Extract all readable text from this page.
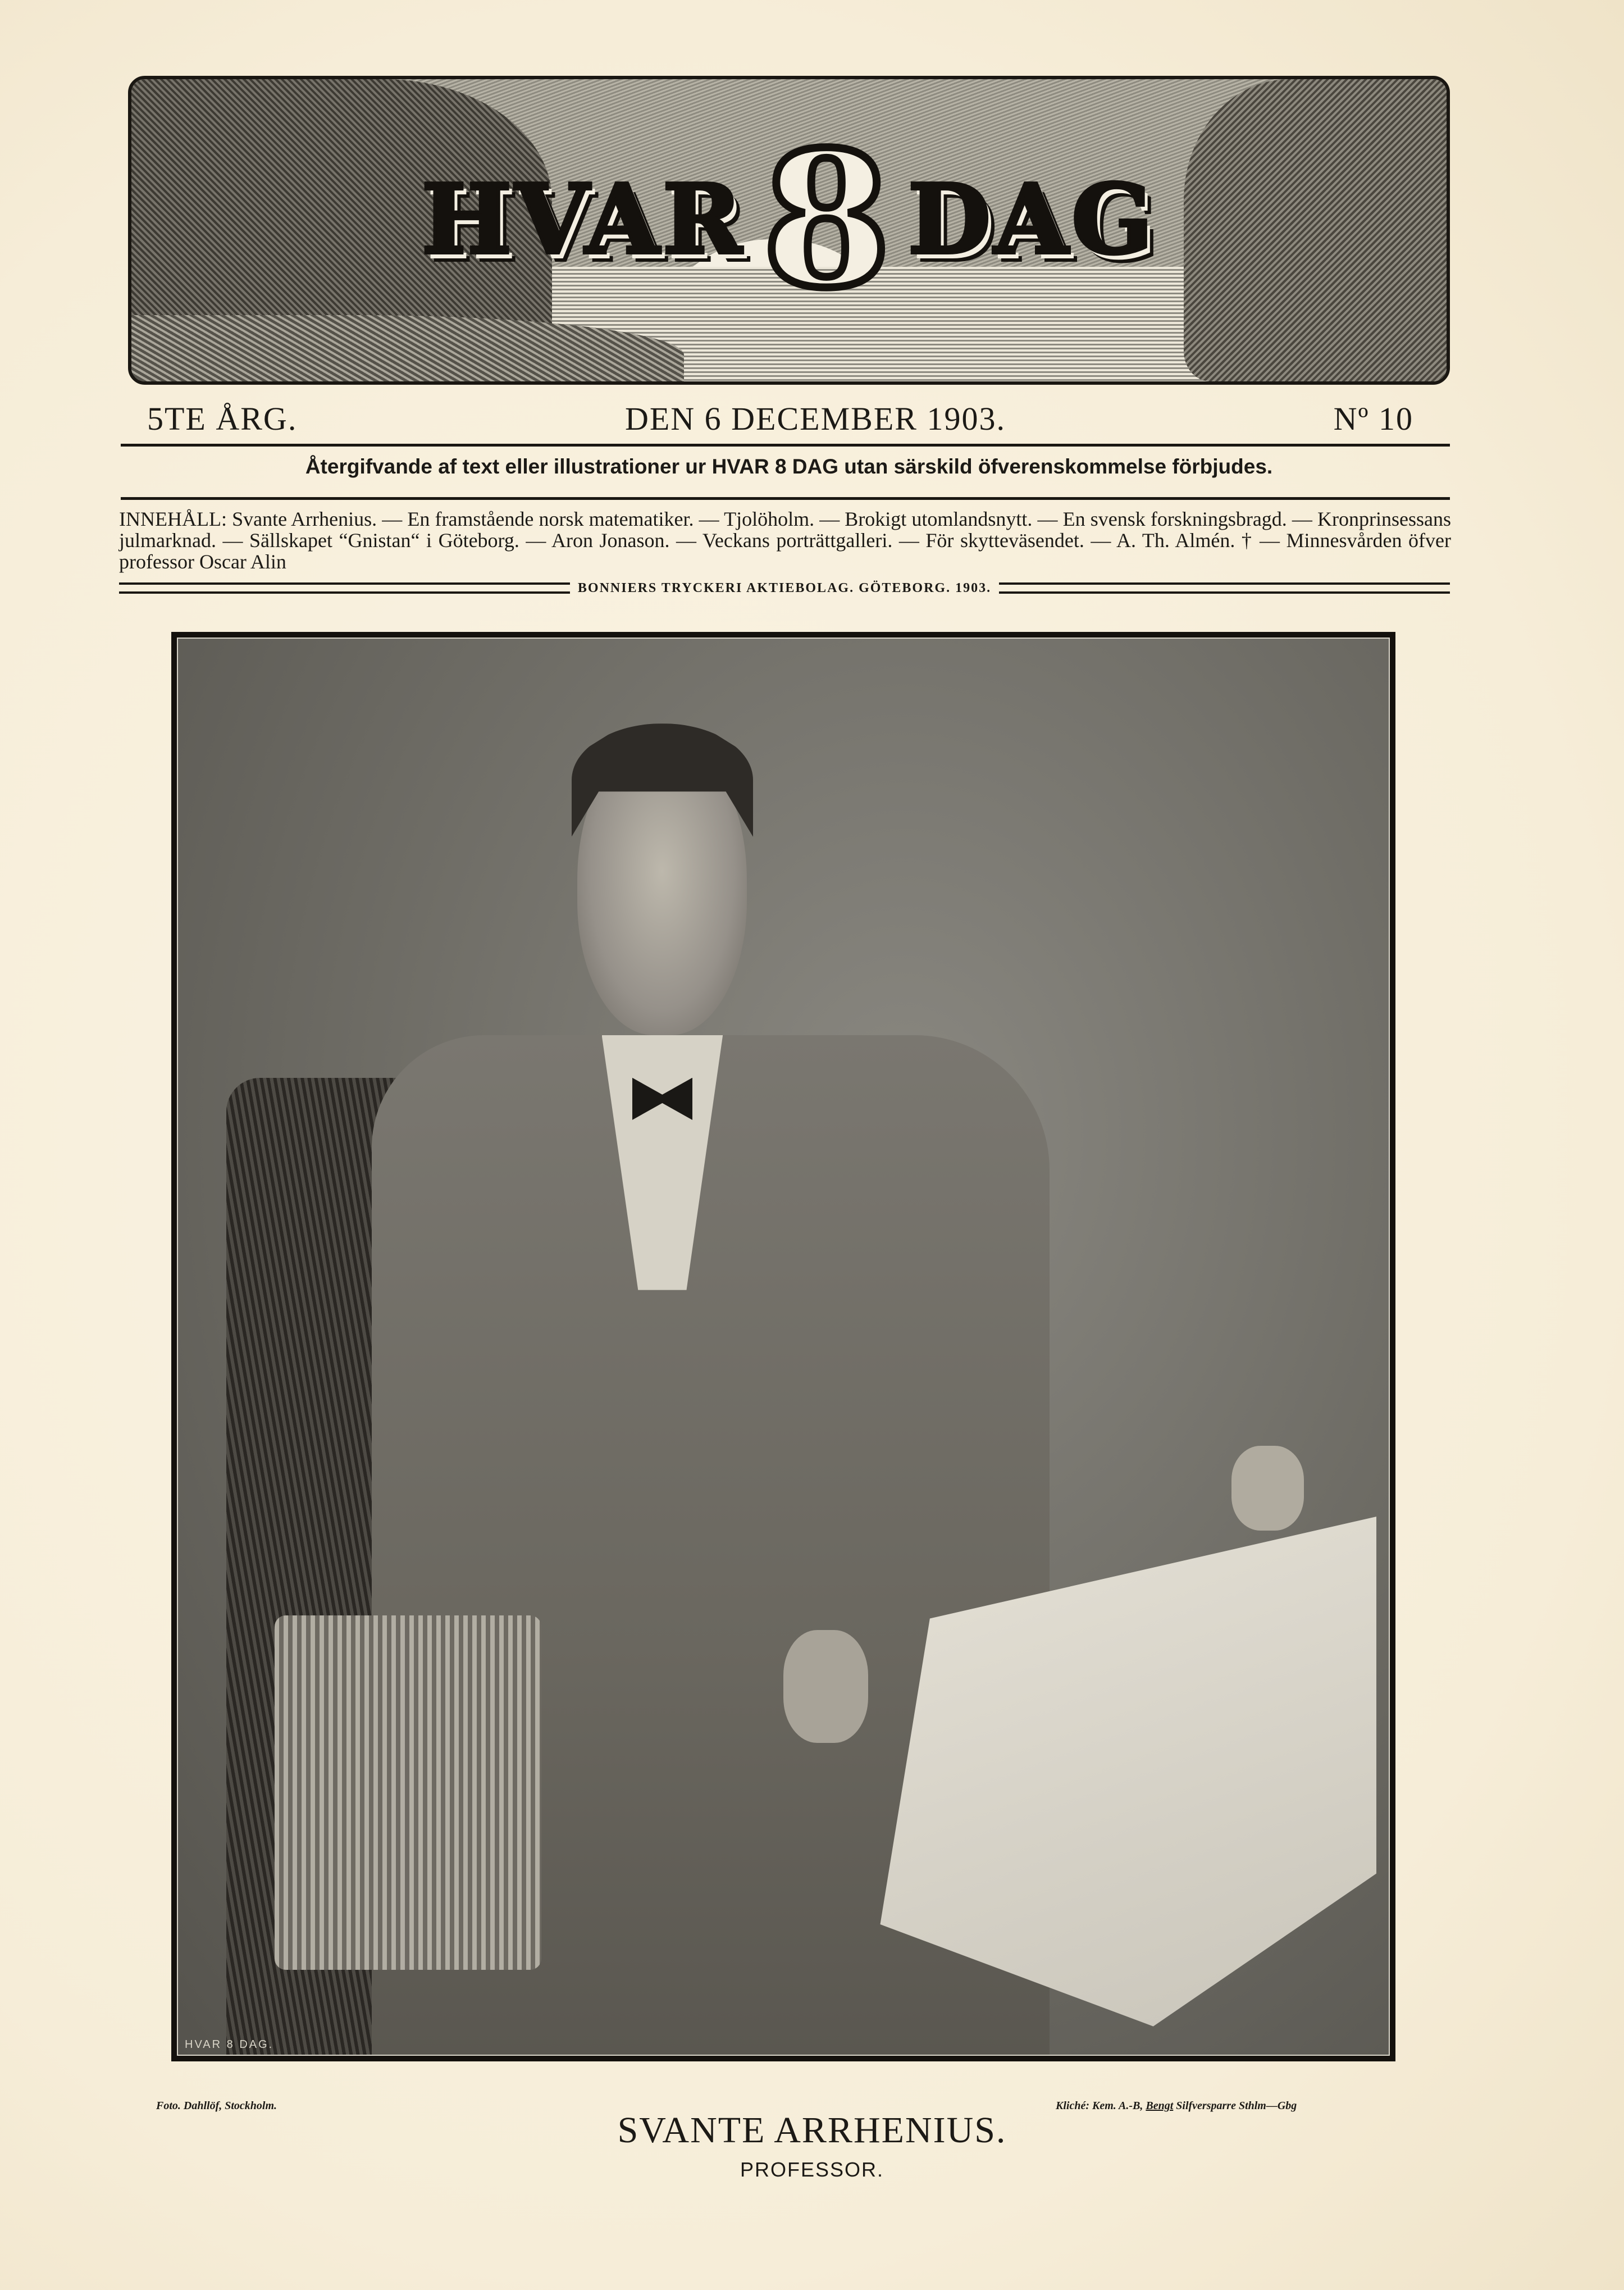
HVAR 8 DAG
5TE ÅRG.	DEN 6 DECEMBER 1903.	Nº 10
Återgifvande af text eller illustrationer ur HVAR 8 DAG utan särskild öfverenskommelse förbjudes.

INNEHÅLL: Svante Arrhenius. — En framstående norsk matematiker. — Tjolöholm. — Brokigt utomlandsnytt. — En svensk forskningsbragd. — Kronprinsessans julmarknad. — Sällskapet “Gnistan“ i Göteborg. — Aron Jonason. — Veckans porträttgalleri. — För skytteväsendet. — A. Th. Almén. † — Minnesvården öfver professor Oscar Alin

BONNIERS TRYCKERI AKTIEBOLAG. GÖTEBORG. 1903.
HVAR 8 DAG.
Foto. Dahllöf, Stockholm.	Kliché: Kem. A.-B, Bengt Silfversparre Sthlm—Gbg
SVANTE ARRHENIUS.
PROFESSOR.
